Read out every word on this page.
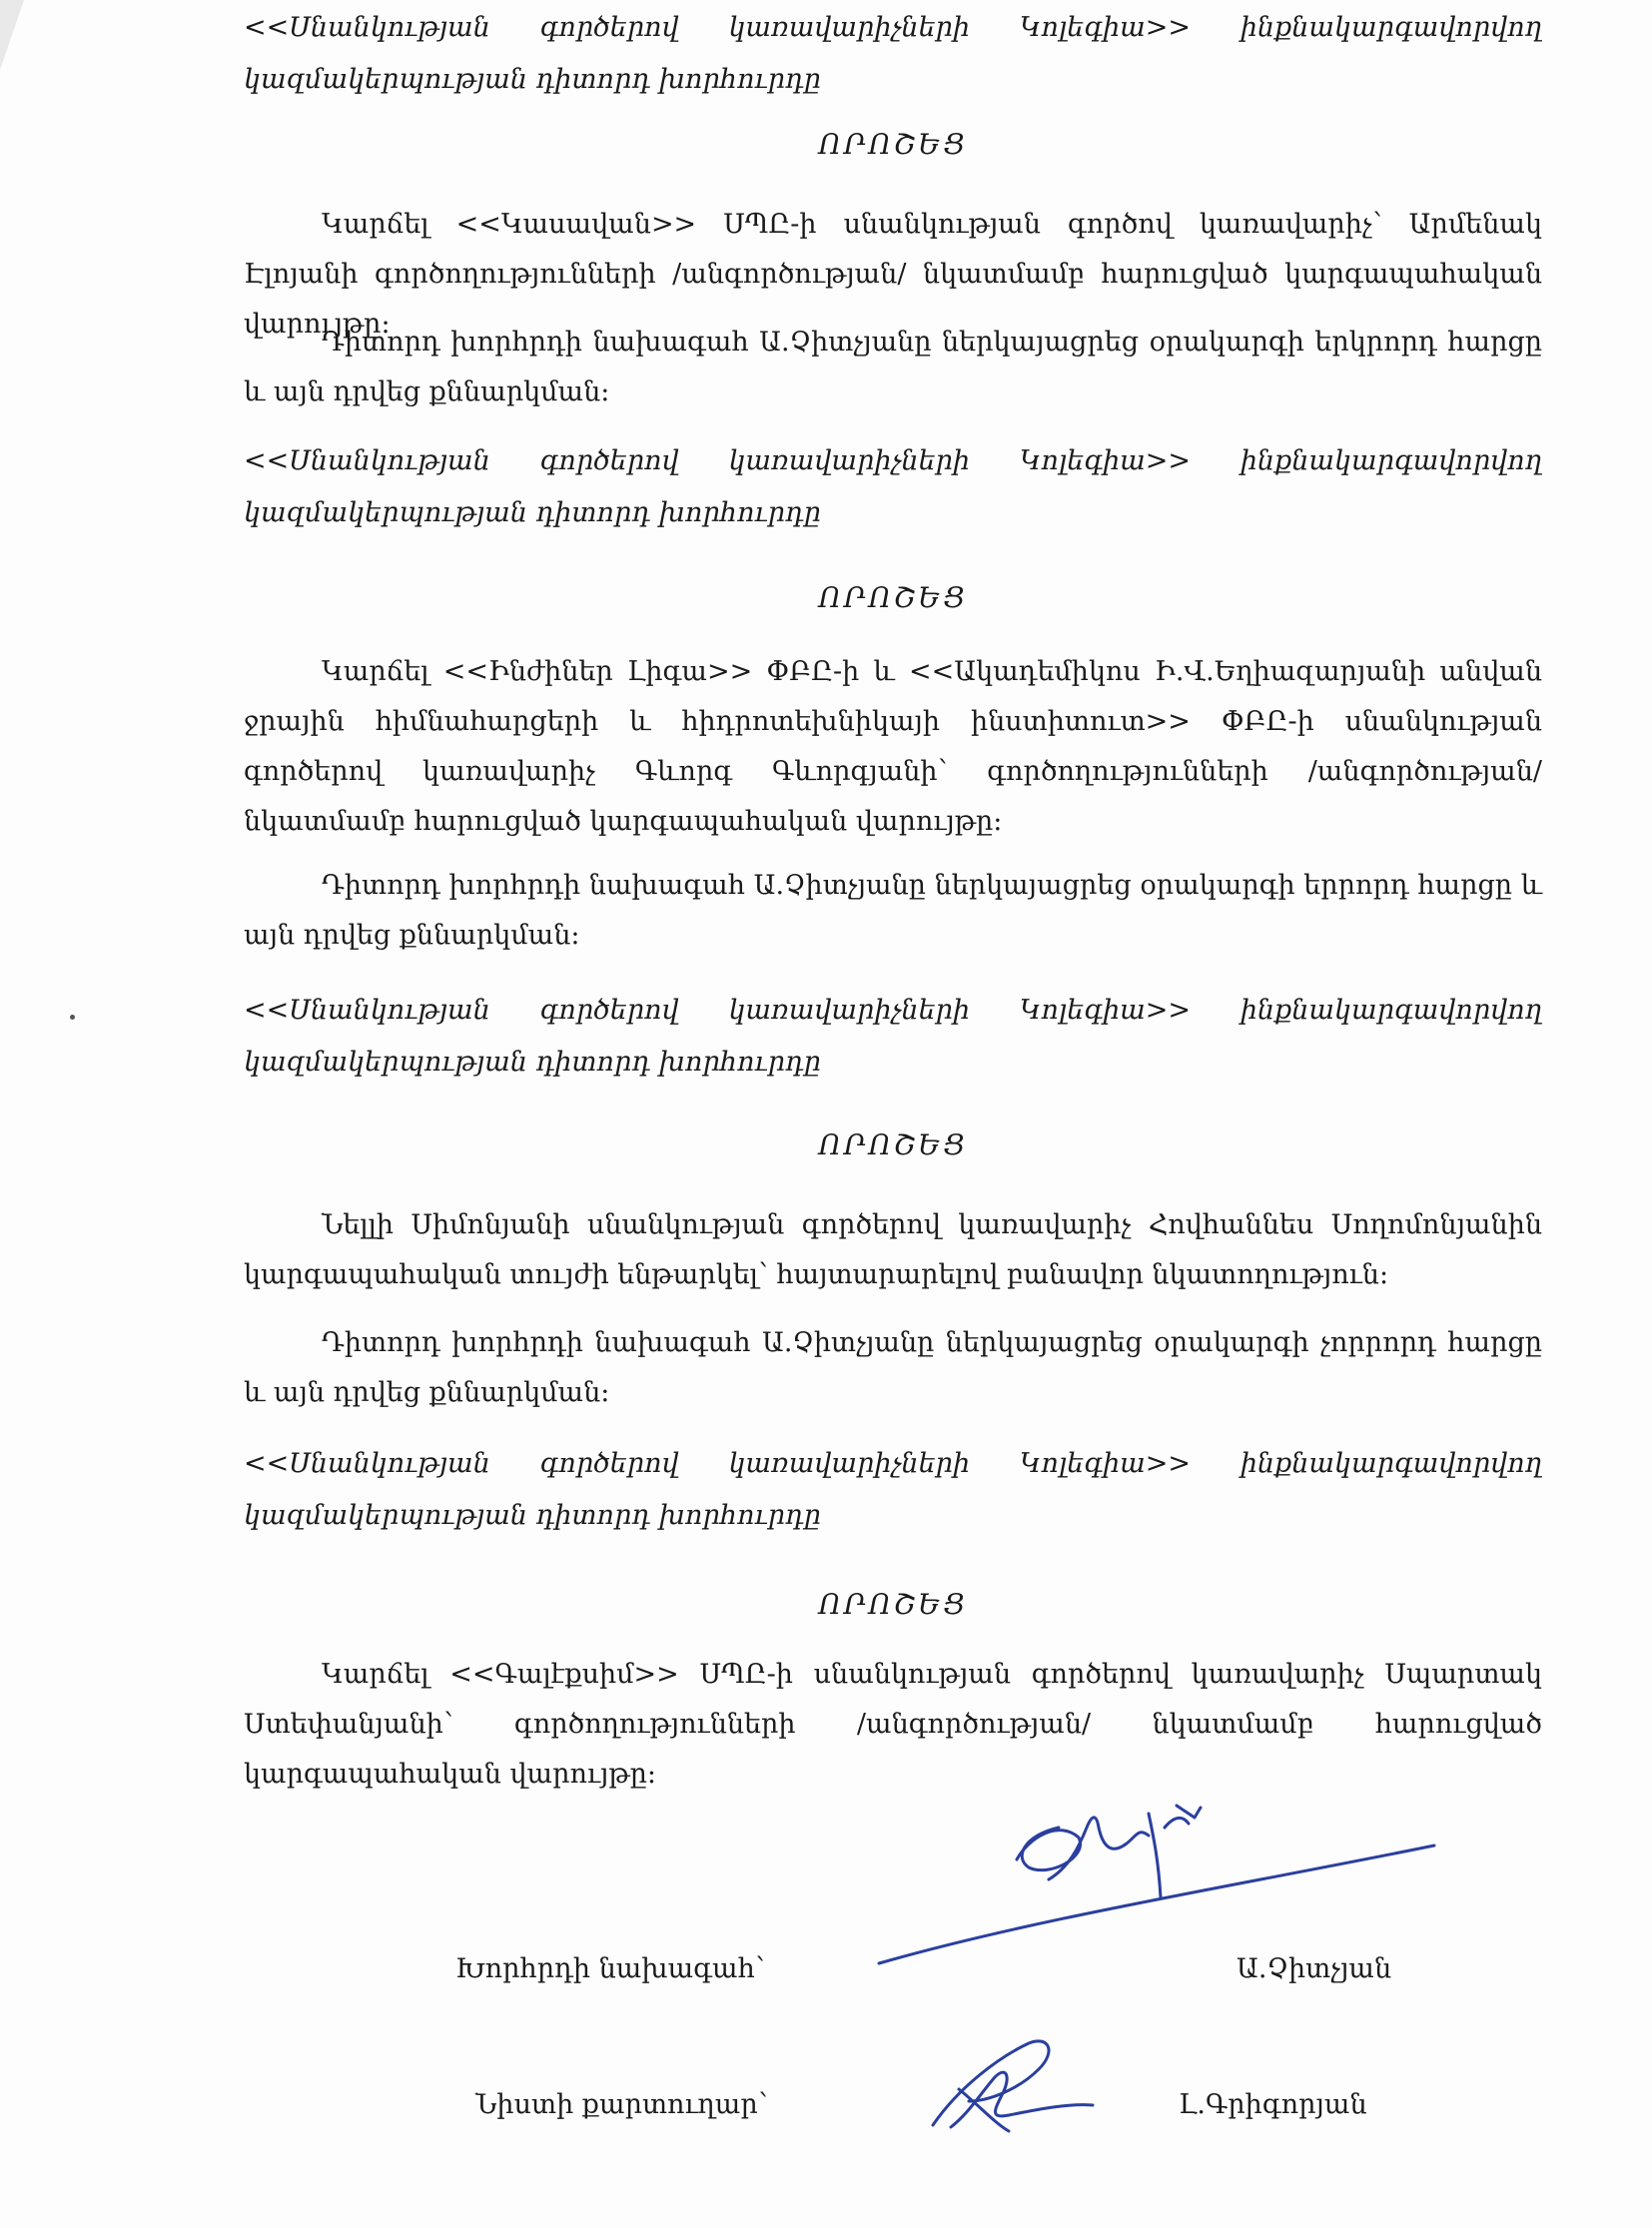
<<Սնանկության գործերով կառավարիչների Կոլեգիա>> ինքնակարգավորվող
կազմակերպության դիտորդ խորհուրդը

ՈՐՈՇԵՑ

Կարճել <<Կասավան>> ՍՊԸ-ի սնանկության գործով կառավարիչ՝ Արմենակ Էլոյանի գործողությունների /անգործության/ նկատմամբ հարուցված կարգապահական վարույթը:

Դիտորդ խորհրդի նախագահ Ա.Չիտչյանը ներկայացրեց օրակարգի երկրորդ հարցը և այն դրվեց քննարկման:

<<Սնանկության գործերով կառավարիչների Կոլեգիա>> ինքնակարգավորվող
կազմակերպության դիտորդ խորհուրդը

ՈՐՈՇԵՑ

Կարճել <<Ինժիներ Լիգա>> ՓԲԸ-ի և <<Ակադեմիկոս Ի.Վ.Եղիազարյանի անվան ջրային հիմնահարցերի և հիդրոտեխնիկայի ինստիտուտ>> ՓԲԸ-ի սնանկության գործերով կառավարիչ Գևորգ Գևորգյանի՝ գործողությունների /անգործության/ նկատմամբ հարուցված կարգապահական վարույթը:

Դիտորդ խորհրդի նախագահ Ա.Չիտչյանը ներկայացրեց օրակարգի երրորդ հարցը և այն դրվեց քննարկման:

<<Սնանկության գործերով կառավարիչների Կոլեգիա>> ինքնակարգավորվող
կազմակերպության դիտորդ խորհուրդը

ՈՐՈՇԵՑ

Նելլի Սիմոնյանի սնանկության գործերով կառավարիչ Հովհաննես Սողոմոնյանին կարգապահական տույժի ենթարկել՝ հայտարարելով բանավոր նկատողություն:

Դիտորդ խորհրդի նախագահ Ա.Չիտչյանը ներկայացրեց օրակարգի չորրորդ հարցը և այն դրվեց քննարկման:

<<Սնանկության գործերով կառավարիչների Կոլեգիա>> ինքնակարգավորվող
կազմակերպության դիտորդ խորհուրդը

ՈՐՈՇԵՑ

Կարճել <<Գալէքսիմ>> ՍՊԸ-ի սնանկության գործերով կառավարիչ Սպարտակ Ստեփանյանի՝ գործողությունների /անգործության/ նկատմամբ հարուցված կարգապահական վարույթը:

Խորհրդի նախագահ՝	Ա.Չիտչյան
Նիստի քարտուղար՝	Լ.Գրիգորյան
